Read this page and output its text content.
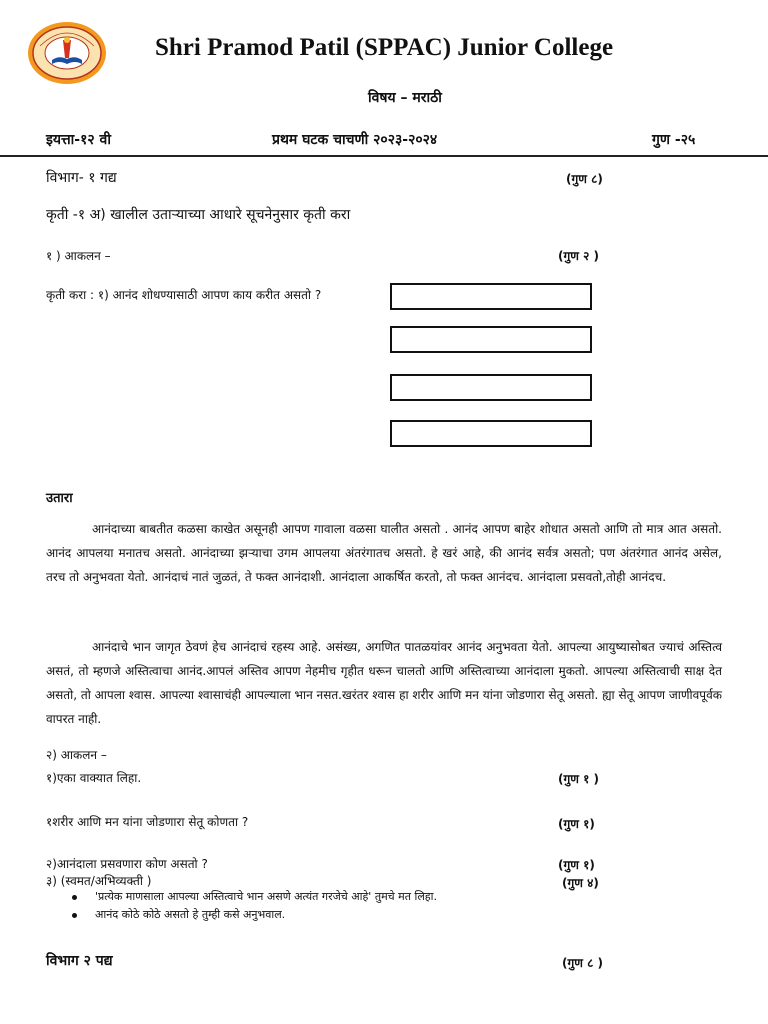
Shri Pramod Patil (SPPAC) Junior College
विषय – मराठी
इयत्ता-१२ वी	प्रथम घटक चाचणी २०२३-२०२४	गुण -२५
विभाग- १ गद्य	(गुण ८)
कृती -१ अ) खालील उताऱ्याच्या आधारे सूचनेनुसार कृती करा
१ ) आकलन –	(गुण २ )
कृती करा : १) आनंद शोधण्यासाठी आपण काय करीत असतो ?
उतारा

आनंदाच्या बाबतीत कळसा काखेत असूनही आपण गावाला वळसा घालीत असतो . आनंद आपण बाहेर शोधात असतो आणि तो मात्र आत असतो. आनंद आपलया मनातच असतो. आनंदाच्या झऱ्याचा उगम आपलया अंतरंगातच असतो. हे खरं आहे, की आनंद सर्वत्र असतो; पण अंतरंगात आनंद असेल, तरच तो अनुभवता येतो. आनंदाचं नातं जुळतं, ते फक्त आनंदाशी. आनंदाला आकर्षित करतो, तो फक्त आनंदच. आनंदाला प्रसवतो,तोही आनंदच.

आनंदाचे भान जागृत ठेवणं हेच आनंदाचं रहस्य आहे. असंख्य, अगणित पातळयांवर आनंद अनुभवता येतो. आपल्या आयुष्यासोबत ज्याचं अस्तित्व असतं, तो म्हणजे अस्तित्वाचा आनंद.आपलं अस्तिव आपण नेहमीच गृहीत धरून चालतो आणि अस्तित्वाच्या आनंदाला मुकतो. आपल्या अस्तित्वाची साक्ष देत असतो, तो आपला श्वास. आपल्या श्वासाचंही आपल्याला भान नसत.खरंतर श्वास हा शरीर आणि मन यांना जोडणारा सेतू असतो. ह्या सेतू आपण जाणीवपूर्वक वापरत नाही.

२) आकलन –
१)एका वाक्यात लिहा.	(गुण १ )
१शरीर आणि मन यांना जोडणारा सेतू कोणता ?	(गुण १)
२)आनंदाला प्रसवणारा कोण असतो ?	(गुण १)
३) (स्वमत/अभिव्यक्ती )	(गुण ४)
'प्रत्येक माणसाला आपल्या अस्तित्वाचे भान असणे अत्यंत गरजेचे आहे' तुमचे मत लिहा.
आनंद कोठे कोठे असतो हे तुम्ही कसे अनुभवाल.
विभाग २ पद्य	(गुण ८ )
